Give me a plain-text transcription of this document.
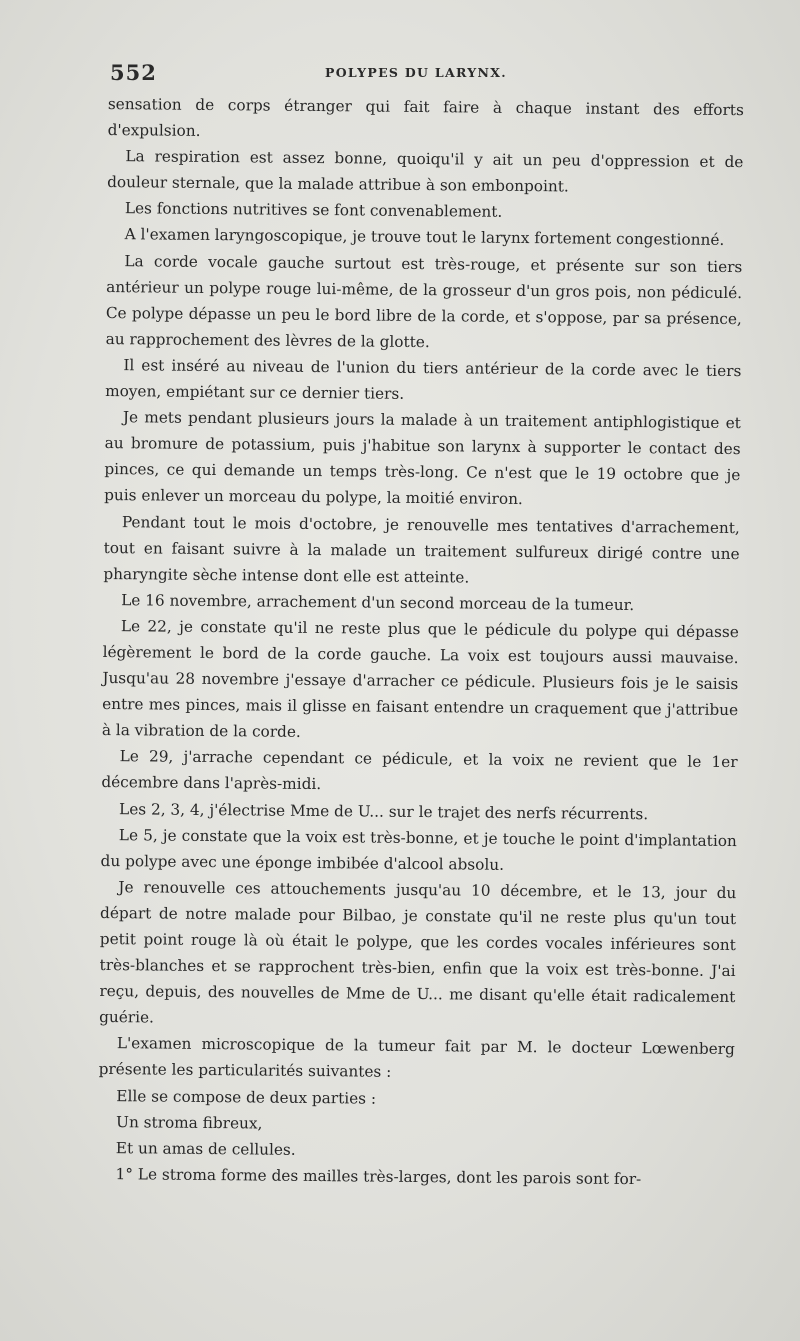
552	POLYPES DU LARYNX.

sensation de corps étranger qui fait faire à chaque instant des efforts d'expulsion.

La respiration est assez bonne, quoiqu'il y ait un peu d'oppression et de douleur sternale, que la malade attribue à son embonpoint.

Les fonctions nutritives se font convenablement.

A l'examen laryngoscopique, je trouve tout le larynx fortement congestionné.

La corde vocale gauche surtout est très-rouge, et présente sur son tiers antérieur un polype rouge lui-même, de la grosseur d'un gros pois, non pédiculé. Ce polype dépasse un peu le bord libre de la corde, et s'oppose, par sa présence, au rapprochement des lèvres de la glotte.

Il est inséré au niveau de l'union du tiers antérieur de la corde avec le tiers moyen, empiétant sur ce dernier tiers.

Je mets pendant plusieurs jours la malade à un traitement antiphlogistique et au bromure de potassium, puis j'habitue son larynx à supporter le contact des pinces, ce qui demande un temps très-long. Ce n'est que le 19 octobre que je puis enlever un morceau du polype, la moitié environ.

Pendant tout le mois d'octobre, je renouvelle mes tentatives d'arrachement, tout en faisant suivre à la malade un traitement sulfureux dirigé contre une pharyngite sèche intense dont elle est atteinte.

Le 16 novembre, arrachement d'un second morceau de la tumeur.

Le 22, je constate qu'il ne reste plus que le pédicule du polype qui dépasse légèrement le bord de la corde gauche. La voix est toujours aussi mauvaise. Jusqu'au 28 novembre j'essaye d'arracher ce pédicule. Plusieurs fois je le saisis entre mes pinces, mais il glisse en faisant entendre un craquement que j'attribue à la vibration de la corde.

Le 29, j'arrache cependant ce pédicule, et la voix ne revient que le 1er décembre dans l'après-midi.

Les 2, 3, 4, j'électrise Mme de U... sur le trajet des nerfs récurrents.

Le 5, je constate que la voix est très-bonne, et je touche le point d'implantation du polype avec une éponge imbibée d'alcool absolu.

Je renouvelle ces attouchements jusqu'au 10 décembre, et le 13, jour du départ de notre malade pour Bilbao, je constate qu'il ne reste plus qu'un tout petit point rouge là où était le polype, que les cordes vocales inférieures sont très-blanches et se rapprochent très-bien, enfin que la voix est très-bonne. J'ai reçu, depuis, des nouvelles de Mme de U... me disant qu'elle était radicalement guérie.

L'examen microscopique de la tumeur fait par M. le docteur Lœwenberg présente les particularités suivantes :

Elle se compose de deux parties :

Un stroma fibreux,

Et un amas de cellules.

1° Le stroma forme des mailles très-larges, dont les parois sont for-
